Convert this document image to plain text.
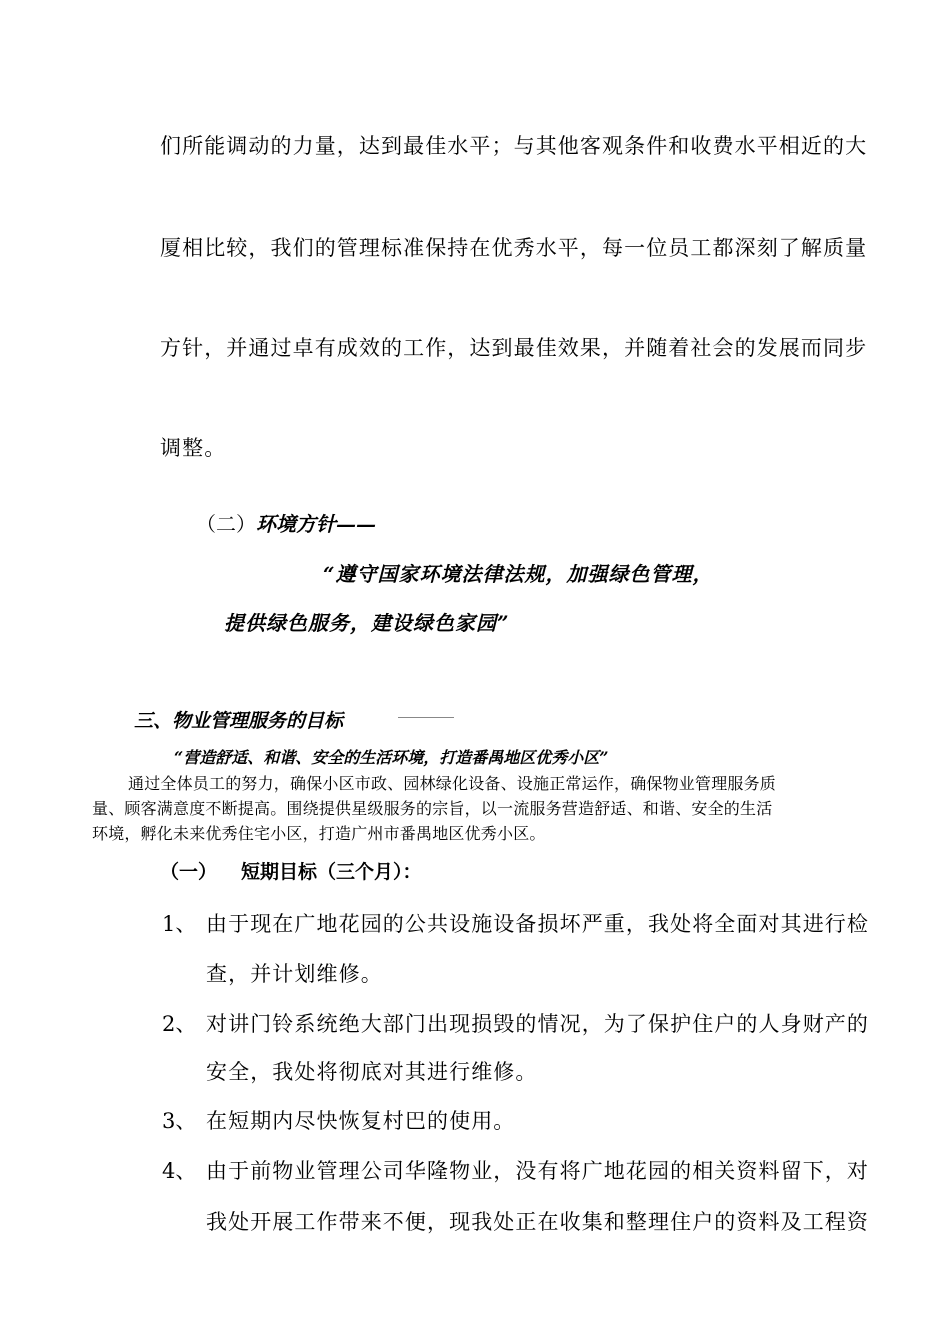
们所能调动的力量，达到最佳水平；与其他客观条件和收费水平相近的大
厦相比较，我们的管理标准保持在优秀水平，每一位员工都深刻了解质量
方针，并通过卓有成效的工作，达到最佳效果，并随着社会的发展而同步
调整。
（二）环境方针——
“遵守国家环境法律法规，加强绿色管理，
提供绿色服务，建设绿色家园”
三、物业管理服务的目标
“营造舒适、和谐、安全的生活环境，打造番禺地区优秀小区”
通过全体员工的努力，确保小区市政、园林绿化设备、设施正常运作，确保物业管理服务质
量、顾客满意度不断提高。围绕提供星级服务的宗旨，以一流服务营造舒适、和谐、安全的生活
环境，孵化未来优秀住宅小区，打造广州市番禺地区优秀小区。
（一） 短期目标（三个月）：
1、 由于现在广地花园的公共设施设备损坏严重，我处将全面对其进行检
查，并计划维修。
2、 对讲门铃系统绝大部门出现损毁的情况，为了保护住户的人身财产的
安全，我处将彻底对其进行维修。
3、 在短期内尽快恢复村巴的使用。
4、 由于前物业管理公司华隆物业，没有将广地花园的相关资料留下，对
我处开展工作带来不便，现我处正在收集和整理住户的资料及工程资
